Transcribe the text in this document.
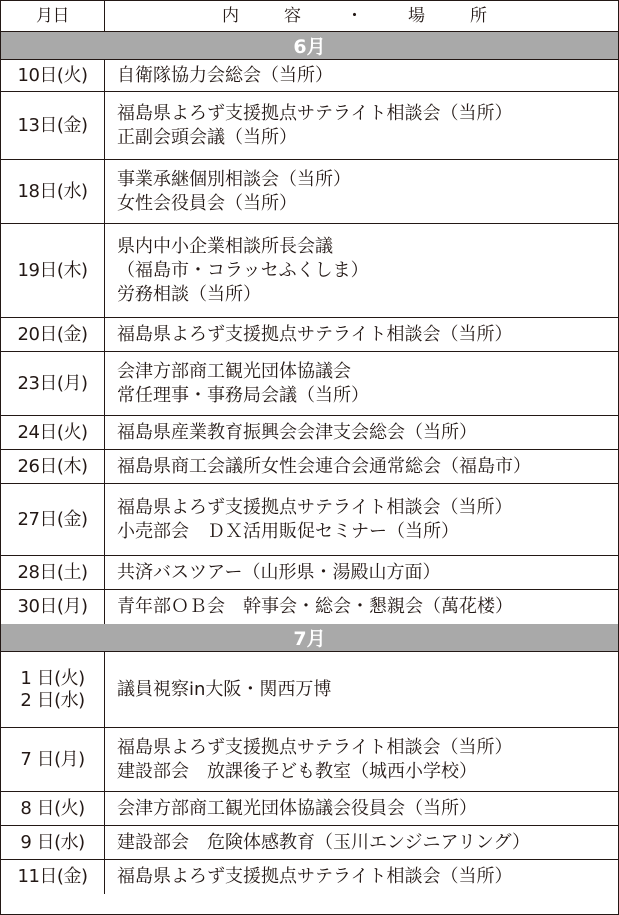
月日	内　容　・　場　所
6月
10日(火) 自衛隊協力会総会（当所）
13日(金)
福島県よろず支援拠点サテライト相談会（当所）
正副会頭会議（当所）
18日(水)
事業承継個別相談会（当所）
女性会役員会（当所）
19日(木)
県内中小企業相談所長会議
（福島市・コラッセふくしま）
労務相談（当所）
20日(金) 福島県よろず支援拠点サテライト相談会（当所）
23日(月)
会津方部商工観光団体協議会
常任理事・事務局会議（当所）
24日(火) 福島県産業教育振興会会津支会総会（当所）
26日(木) 福島県商工会議所女性会連合会通常総会（福島市）
27日(金)
福島県よろず支援拠点サテライト相談会（当所）
小売部会　ＤＸ活用販促セミナー（当所）
28日(土) 共済バスツアー（山形県・湯殿山方面）
30日(月) 青年部ＯＢ会　幹事会・総会・懇親会（萬花楼）
7月
1 日(火)
2 日(水)
議員視察in大阪・関西万博
7 日(月)
福島県よろず支援拠点サテライト相談会（当所）
建設部会　放課後子ども教室（城西小学校）
8 日(火) 会津方部商工観光団体協議会役員会（当所）
9 日(水) 建設部会　危険体感教育（玉川エンジニアリング）
11日(金) 福島県よろず支援拠点サテライト相談会（当所）
